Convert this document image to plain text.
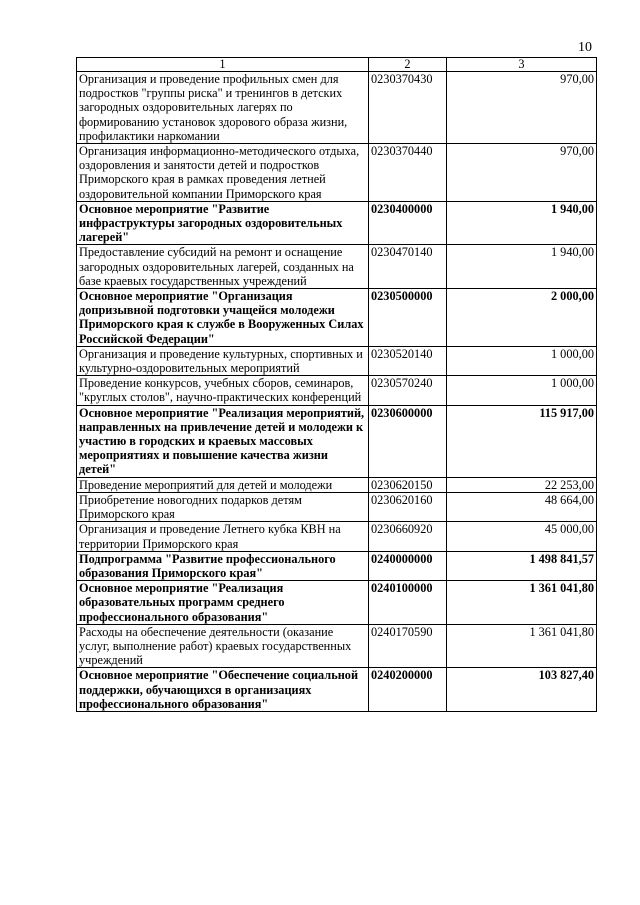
10
1	2	3
Организация и проведение профильных смен для подростков "группы риска" и тренингов в детских загородных оздоровительных лагерях по формированию установок здорового образа жизни, профилактики наркомании	0230370430	970,00
Организация информационно-методического отдыха, оздоровления и занятости детей и подростков Приморского края в рамках проведения летней оздоровительной компании Приморского края	0230370440	970,00
Основное мероприятие "Развитие инфраструктуры загородных оздоровительных лагерей"	0230400000	1 940,00
Предоставление субсидий на ремонт и оснащение загородных оздоровительных лагерей, созданных на базе краевых государственных учреждений	0230470140	1 940,00
Основное мероприятие "Организация допризывной подготовки учащейся молодежи Приморского края к службе в Вооруженных Силах Российской Федерации"	0230500000	2 000,00
Организация и проведение культурных, спортивных и культурно-оздоровительных мероприятий	0230520140	1 000,00
Проведение конкурсов, учебных сборов, семинаров, "круглых столов", научно-практических конференций	0230570240	1 000,00
Основное мероприятие "Реализация мероприятий, направленных на привлечение детей и молодежи к участию в городских и краевых массовых мероприятиях и повышение качества жизни детей"	0230600000	115 917,00
Проведение мероприятий для детей и молодежи	0230620150	22 253,00
Приобретение новогодних подарков детям Приморского края	0230620160	48 664,00
Организация и проведение Летнего кубка КВН на территории Приморского края	0230660920	45 000,00
Подпрограмма "Развитие профессионального образования Приморского края"	0240000000	1 498 841,57
Основное мероприятие "Реализация образовательных программ среднего профессионального образования"	0240100000	1 361 041,80
Расходы на обеспечение деятельности (оказание услуг, выполнение работ) краевых государственных учреждений	0240170590	1 361 041,80
Основное мероприятие "Обеспечение социальной поддержки, обучающихся в организациях профессионального образования"	0240200000	103 827,40
